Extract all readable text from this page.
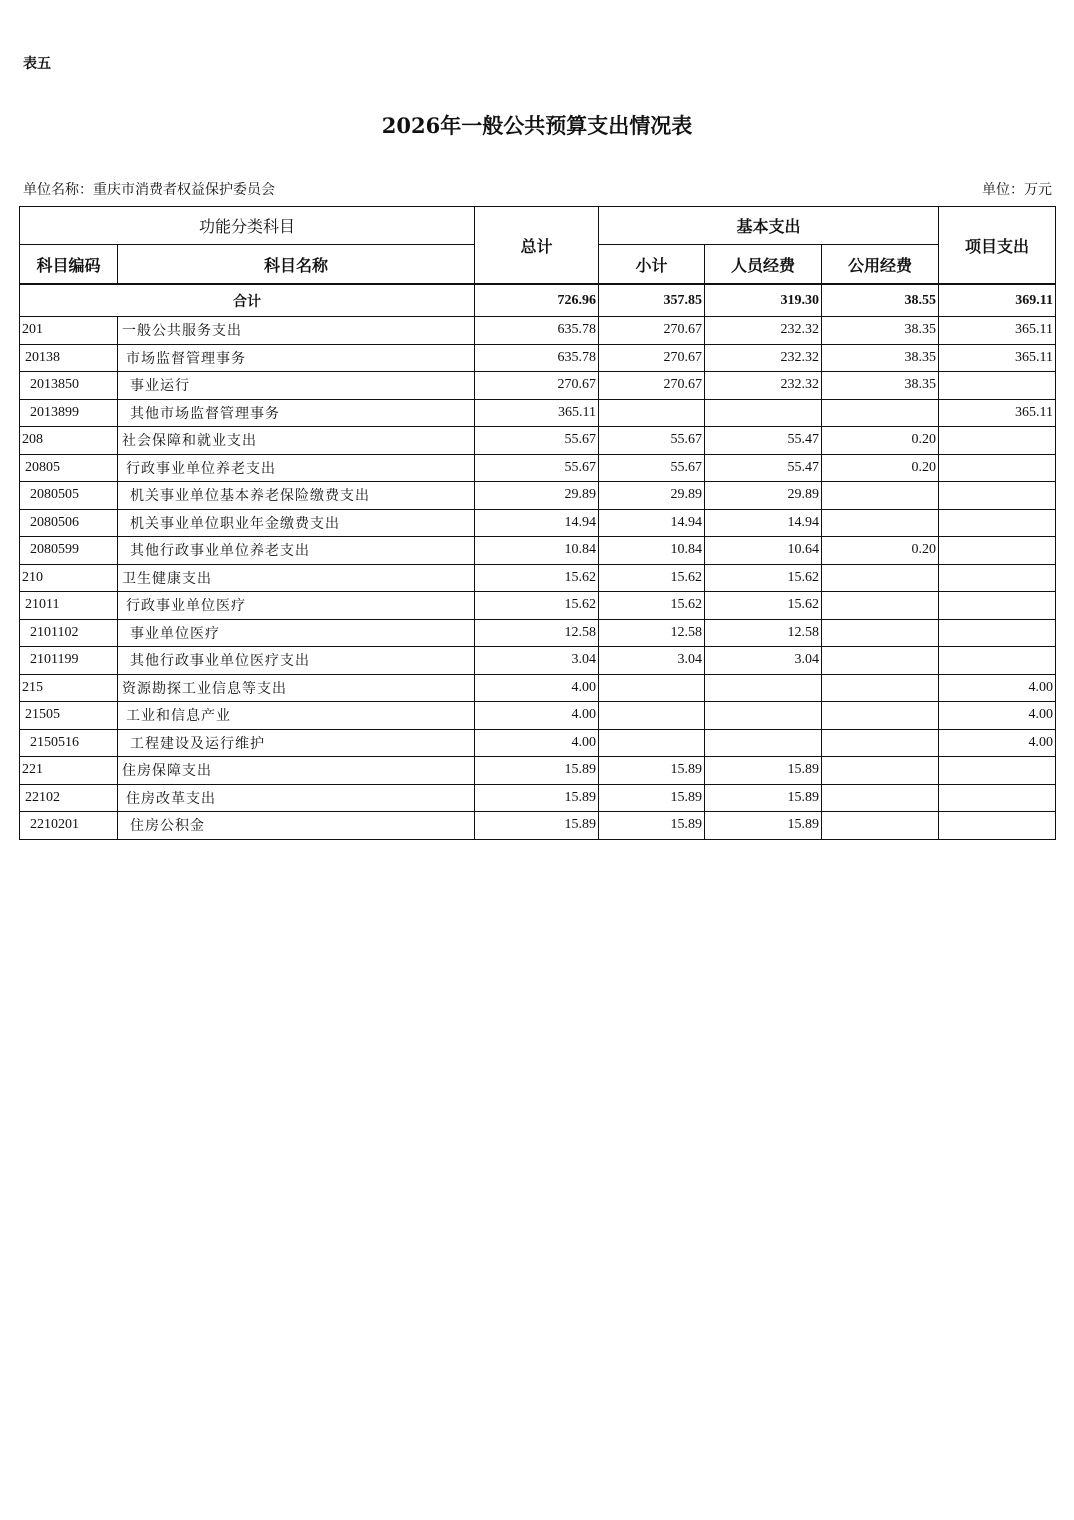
表五
2026年一般公共预算支出情况表
单位名称：重庆市消费者权益保护委员会	单位：万元
功能分类科目		总计	基本支出			项目支出
科目编码	科目名称		小计	人员经费	公用经费	
合计		726.96	357.85	319.30	38.55	369.11
201	一般公共服务支出	635.78	270.67	232.32	38.35	365.11
20138	市场监督管理事务	635.78	270.67	232.32	38.35	365.11
2013850	事业运行	270.67	270.67	232.32	38.35	
2013899	其他市场监督管理事务	365.11				365.11
208	社会保障和就业支出	55.67	55.67	55.47	0.20	
20805	行政事业单位养老支出	55.67	55.67	55.47	0.20	
2080505	机关事业单位基本养老保险缴费支出	29.89	29.89	29.89		
2080506	机关事业单位职业年金缴费支出	14.94	14.94	14.94		
2080599	其他行政事业单位养老支出	10.84	10.84	10.64	0.20	
210	卫生健康支出	15.62	15.62	15.62		
21011	行政事业单位医疗	15.62	15.62	15.62		
2101102	事业单位医疗	12.58	12.58	12.58		
2101199	其他行政事业单位医疗支出	3.04	3.04	3.04		
215	资源勘探工业信息等支出	4.00				4.00
21505	工业和信息产业	4.00				4.00
2150516	工程建设及运行维护	4.00				4.00
221	住房保障支出	15.89	15.89	15.89		
22102	住房改革支出	15.89	15.89	15.89		
2210201	住房公积金	15.89	15.89	15.89		
